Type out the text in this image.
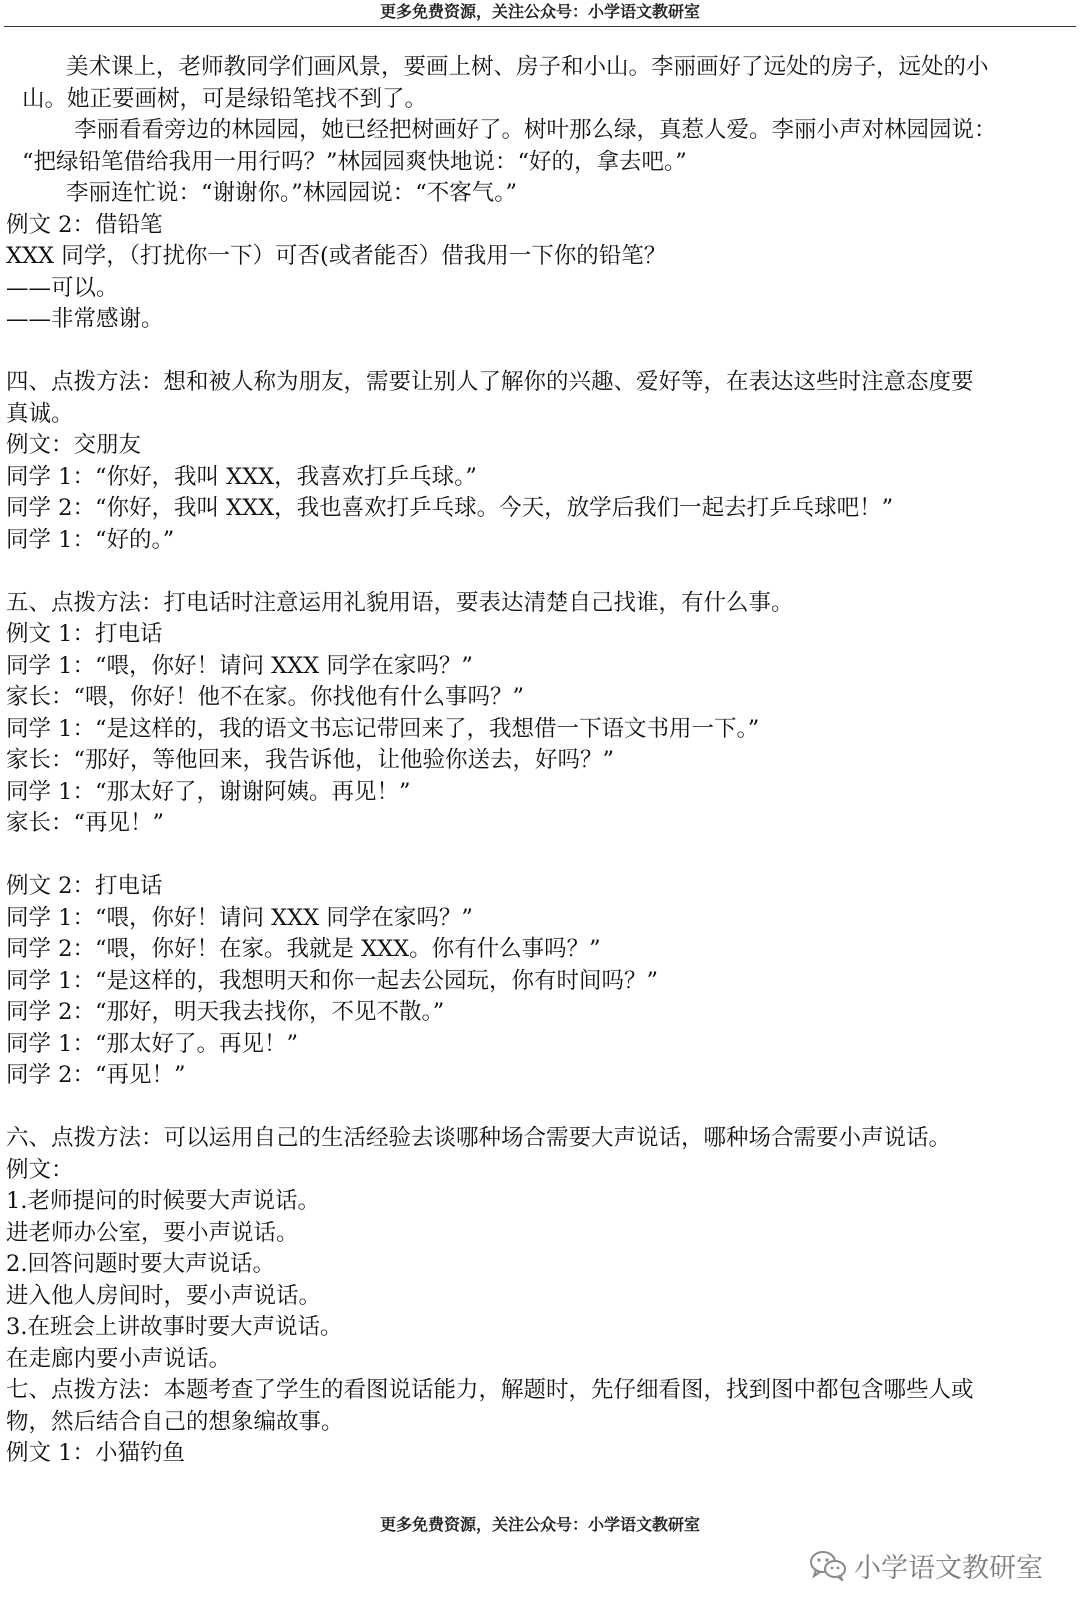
更多免费资源，关注公众号：小学语文教研室

美术课上，老师教同学们画风景，要画上树、房子和小山。李丽画好了远处的房子，远处的小

山。她正要画树，可是绿铅笔找不到了。

李丽看看旁边的林园园，她已经把树画好了。树叶那么绿，真惹人爱。李丽小声对林园园说：

“把绿铅笔借给我用一用行吗？”林园园爽快地说：“好的，拿去吧。”

李丽连忙说：“谢谢你。”林园园说：“不客气。”

例文 2：借铅笔

XXX 同学，（打扰你一下）可否(或者能否）借我用一下你的铅笔？

——可以。

——非常感谢。

四、点拨方法：想和被人称为朋友，需要让别人了解你的兴趣、爱好等，在表达这些时注意态度要

真诚。

例文：交朋友

同学 1：“你好，我叫 XXX，我喜欢打乒乓球。”

同学 2：“你好，我叫 XXX，我也喜欢打乒乓球。今天，放学后我们一起去打乒乓球吧！”

同学 1：“好的。”

五、点拨方法：打电话时注意运用礼貌用语，要表达清楚自己找谁，有什么事。

例文 1：打电话

同学 1：“喂，你好！请问 XXX 同学在家吗？”

家长：“喂，你好！他不在家。你找他有什么事吗？”

同学 1：“是这样的，我的语文书忘记带回来了，我想借一下语文书用一下。”

家长：“那好，等他回来，我告诉他，让他验你送去，好吗？”

同学 1：“那太好了，谢谢阿姨。再见！”

家长：“再见！”

例文 2：打电话

同学 1：“喂，你好！请问 XXX 同学在家吗？”

同学 2：“喂，你好！在家。我就是 XXX。你有什么事吗？”

同学 1：“是这样的，我想明天和你一起去公园玩，你有时间吗？”

同学 2：“那好，明天我去找你，不见不散。”

同学 1：“那太好了。再见！”

同学 2：“再见！”

六、点拨方法：可以运用自己的生活经验去谈哪种场合需要大声说话，哪种场合需要小声说话。

例文：

1.老师提问的时候要大声说话。

进老师办公室，要小声说话。

2.回答问题时要大声说话。

进入他人房间时，要小声说话。

3.在班会上讲故事时要大声说话。

在走廊内要小声说话。

七、点拨方法：本题考查了学生的看图说话能力，解题时，先仔细看图，找到图中都包含哪些人或

物，然后结合自己的想象编故事。

例文 1：小猫钓鱼

更多免费资源，关注公众号：小学语文教研室
小学语文教研室
